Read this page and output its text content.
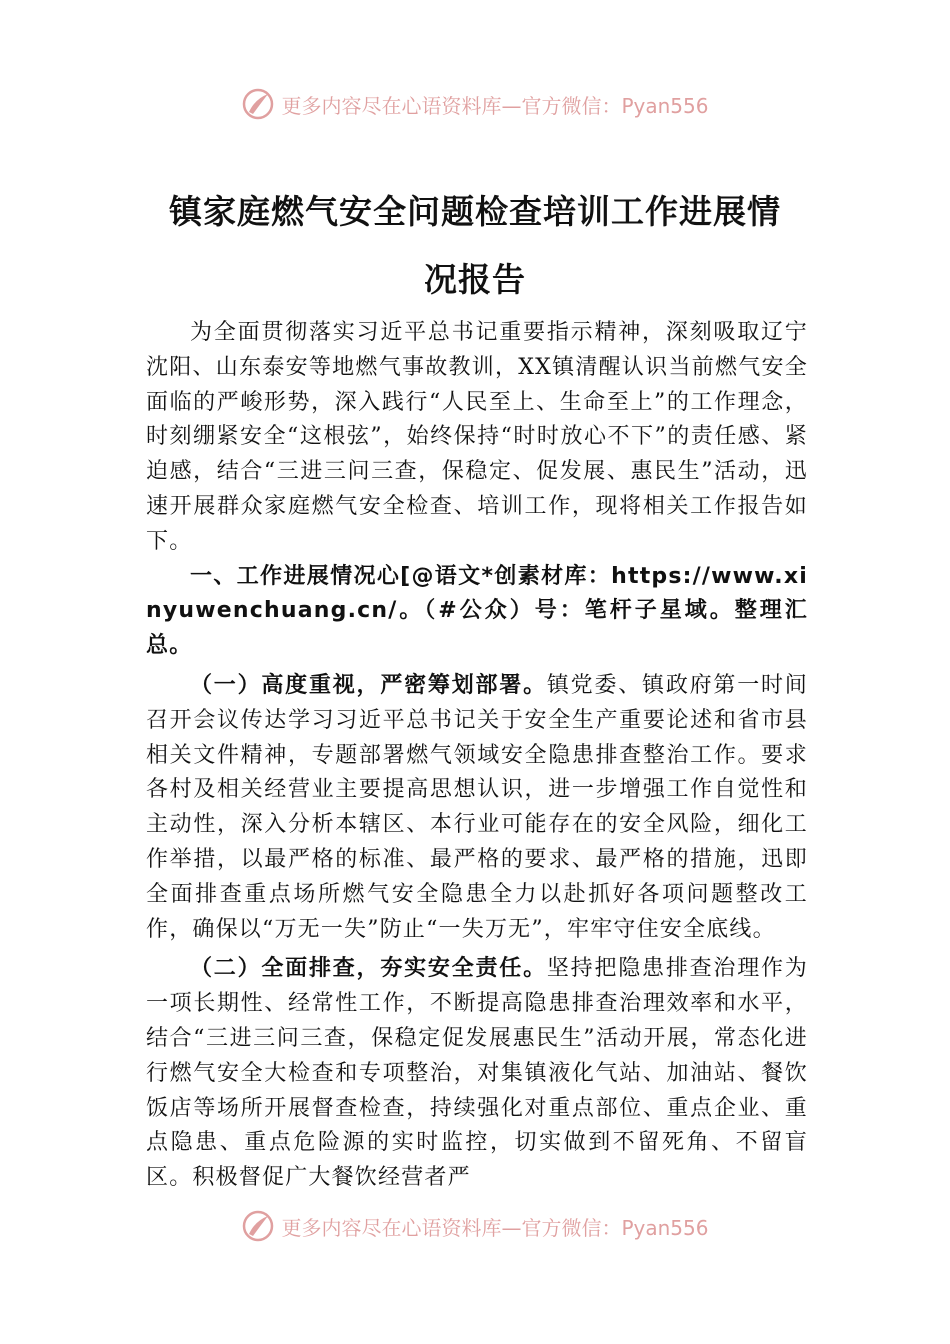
更多内容尽在心语资料库—官方微信：Pyan556
镇家庭燃气安全问题检查培训工作进展情
况报告

为全面贯彻落实习近平总书记重要指示精神，深刻吸取辽宁沈阳、山东泰安等地燃气事故教训，XX镇清醒认识当前燃气安全面临的严峻形势，深入践行“人民至上、生命至上”的工作理念，时刻绷紧安全“这根弦”，始终保持“时时放心不下”的责任感、紧迫感，结合“三进三问三查，保稳定、促发展、惠民生”活动，迅速开展群众家庭燃气安全检查、培训工作，现将相关工作报告如下。

一、工作进展情况心[@语文*创素材库：https://www.xinyuwenchuang.cn/。（#公众）号：笔杆子星域。整理汇总。

（一）高度重视，严密筹划部署。镇党委、镇政府第一时间召开会议传达学习习近平总书记关于安全生产重要论述和省市县相关文件精神，专题部署燃气领域安全隐患排查整治工作。要求各村及相关经营业主要提高思想认识，进一步增强工作自觉性和主动性，深入分析本辖区、本行业可能存在的安全风险，细化工作举措，以最严格的标准、最严格的要求、最严格的措施，迅即全面排查重点场所燃气安全隐患全力以赴抓好各项问题整改工作，确保以“万无一失”防止“一失万无”，牢牢守住安全底线。

（二）全面排查，夯实安全责任。坚持把隐患排查治理作为一项长期性、经常性工作，不断提高隐患排查治理效率和水平，结合“三进三问三查，保稳定促发展惠民生”活动开展，常态化进行燃气安全大检查和专项整治，对集镇液化气站、加油站、餐饮饭店等场所开展督查检查，持续强化对重点部位、重点企业、重点隐患、重点危险源的实时监控，切实做到不留死角、不留盲区。积极督促广大餐饮经营者严

更多内容尽在心语资料库—官方微信：Pyan556
